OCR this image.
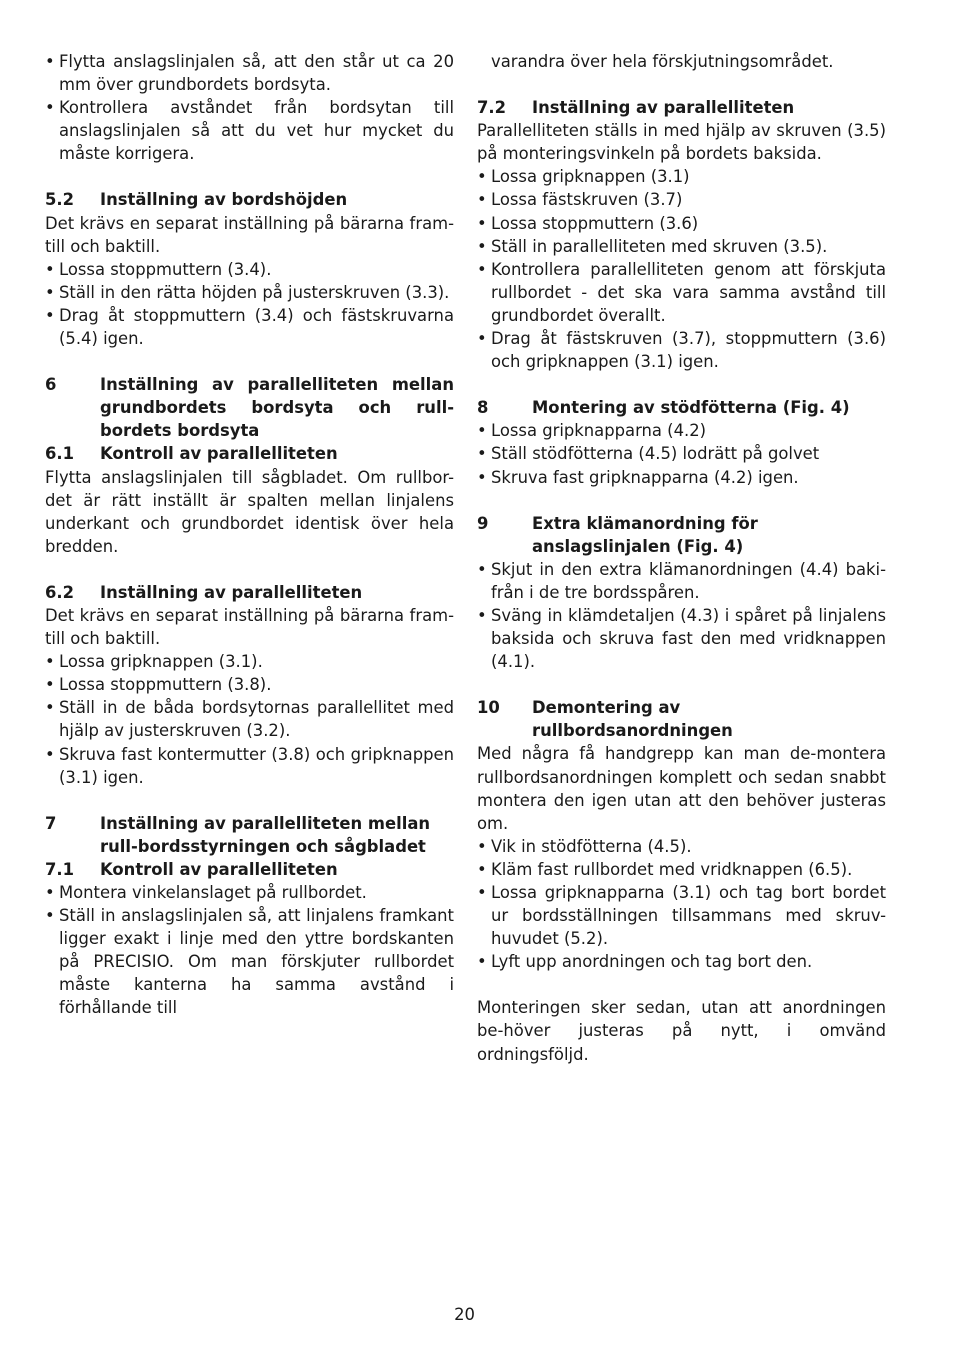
• Flytta anslagslinjalen så, att den står ut ca 20 mm över grundbordets bordsyta.
• Kontrollera avståndet från bordsytan till anslagslinjalen så att du vet hur mycket du måste korrigera.
5.2	Inställning av bordshöjden

Det krävs en separat inställning på bärarna fram-till och baktill.

• Lossa stoppmuttern (3.4).
• Ställ in den rätta höjden på justerskruven (3.3).
• Drag åt stoppmuttern (3.4) och fästskruvarna (5.4) igen.
6	Inställning av parallelliteten mellan grundbordets bordsyta och rull-bordets bordsyta
6.1	Kontroll av parallelliteten

Flytta anslagslinjalen till sågbladet. Om rullbor-det är rätt inställt är spalten mellan linjalens underkant och grundbordet identisk över hela bredden.

6.2	Inställning av parallelliteten

Det krävs en separat inställning på bärarna fram-till och baktill.

• Lossa gripknappen (3.1).
• Lossa stoppmuttern (3.8).
• Ställ in de båda bordsytornas parallellitet med hjälp av justerskruven (3.2).
• Skruva fast kontermutter (3.8) och gripknappen (3.1) igen.
7	Inställning av parallelliteten mellan rull-bordsstyrningen och sågbladet
7.1	Kontroll av parallelliteten
• Montera vinkelanslaget på rullbordet.
• Ställ in anslagslinjalen så, att linjalens framkant ligger exakt i linje med den yttre bordskanten på PRECISIO. Om man förskjuter rullbordet måste kanterna ha samma avstånd i förhållande till

varandra över hela förskjutningsområdet.

7.2	Inställning av parallelliteten

Parallelliteten ställs in med hjälp av skruven (3.5) på monteringsvinkeln på bordets baksida.

• Lossa gripknappen (3.1)
• Lossa fästskruven (3.7)
• Lossa stoppmuttern (3.6)
• Ställ in parallelliteten med skruven (3.5).
• Kontrollera parallelliteten genom att förskjuta rullbordet - det ska vara samma avstånd till grundbordet överallt.
• Drag åt fästskruven (3.7), stoppmuttern (3.6) och gripknappen (3.1) igen.
8	Montering av stödfötterna (Fig. 4)
• Lossa gripknapparna (4.2)
• Ställ stödfötterna (4.5) lodrätt på golvet
• Skruva fast gripknapparna (4.2) igen.
9	Extra klämanordning för anslagslinjalen (Fig. 4)
• Skjut in den extra klämanordningen (4.4) baki-från i de tre bordsspåren.
• Sväng in klämdetaljen (4.3) i spåret på linjalens baksida och skruva fast den med vridknappen (4.1).
10	Demontering av rullbordsanordningen

Med några få handgrepp kan man de-montera rullbordsanordningen komplett och sedan snabbt montera den igen utan att den behöver justeras om.

• Vik in stödfötterna (4.5).
• Kläm fast rullbordet med vridknappen (6.5).
• Lossa gripknapparna (3.1) och tag bort bordet ur bordsställningen tillsammans med skruv-huvudet (5.2).
• Lyft upp anordningen och tag bort den.

Monteringen sker sedan, utan att anordningen be-höver justeras på nytt, i omvänd ordningsföljd.

20
